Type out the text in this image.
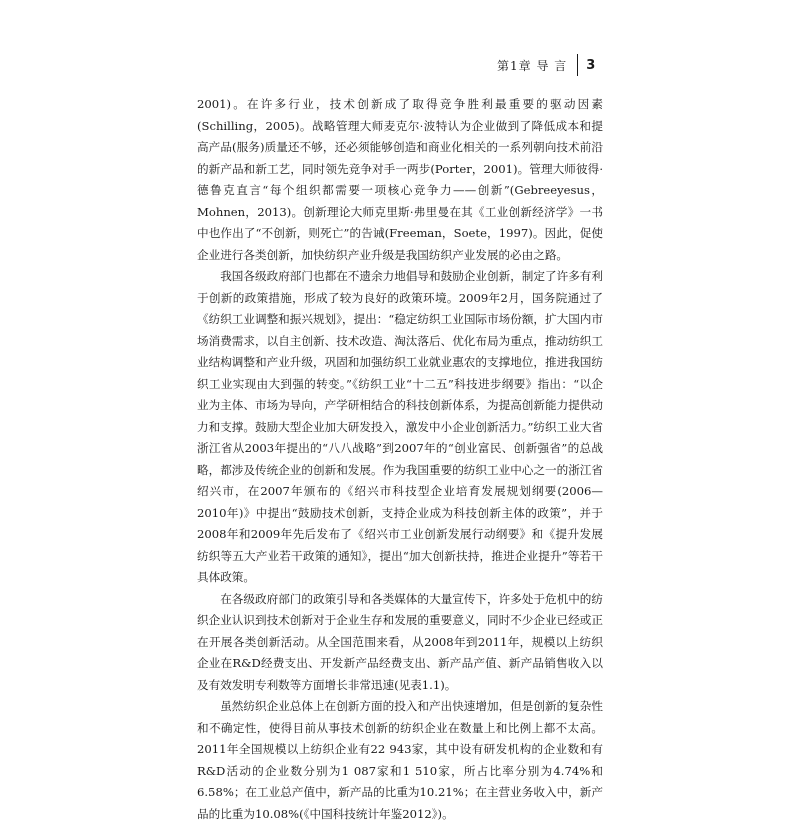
第1章 导 言 3

2001)。在许多行业，技术创新成了取得竞争胜利最重要的驱动因素(Schilling，2005)。战略管理大师麦克尔·波特认为企业做到了降低成本和提高产品(服务)质量还不够，还必须能够创造和商业化相关的一系列朝向技术前沿的新产品和新工艺，同时领先竞争对手一两步(Porter，2001)。管理大师彼得·德鲁克直言“每个组织都需要一项核心竞争力——创新”(Gebreeyesus，Mohnen，2013)。创新理论大师克里斯·弗里曼在其《工业创新经济学》一书中也作出了“不创新，则死亡”的告诫(Freeman，Soete，1997)。因此，促使企业进行各类创新，加快纺织产业升级是我国纺织产业发展的必由之路。

我国各级政府部门也都在不遗余力地倡导和鼓励企业创新，制定了许多有利于创新的政策措施，形成了较为良好的政策环境。2009年2月，国务院通过了《纺织工业调整和振兴规划》，提出：“稳定纺织工业国际市场份额，扩大国内市场消费需求，以自主创新、技术改造、淘汰落后、优化布局为重点，推动纺织工业结构调整和产业升级，巩固和加强纺织工业就业惠农的支撑地位，推进我国纺织工业实现由大到强的转变。”《纺织工业“十二五”科技进步纲要》指出：“以企业为主体、市场为导向，产学研相结合的科技创新体系，为提高创新能力提供动力和支撑。鼓励大型企业加大研发投入，激发中小企业创新活力。”纺织工业大省浙江省从2003年提出的“八八战略”到2007年的“创业富民、创新强省”的总战略，都涉及传统企业的创新和发展。作为我国重要的纺织工业中心之一的浙江省绍兴市，在2007年颁布的《绍兴市科技型企业培育发展规划纲要(2006—2010年)》中提出“鼓励技术创新，支持企业成为科技创新主体的政策”，并于2008年和2009年先后发布了《绍兴市工业创新发展行动纲要》和《提升发展纺织等五大产业若干政策的通知》，提出“加大创新扶持，推进企业提升”等若干具体政策。

在各级政府部门的政策引导和各类媒体的大量宣传下，许多处于危机中的纺织企业认识到技术创新对于企业生存和发展的重要意义，同时不少企业已经或正在开展各类创新活动。从全国范围来看，从2008年到2011年，规模以上纺织企业在R&D经费支出、开发新产品经费支出、新产品产值、新产品销售收入以及有效发明专利数等方面增长非常迅速(见表1.1)。

虽然纺织企业总体上在创新方面的投入和产出快速增加，但是创新的复杂性和不确定性，使得目前从事技术创新的纺织企业在数量上和比例上都不太高。2011年全国规模以上纺织企业有22 943家，其中设有研发机构的企业数和有R&D活动的企业数分别为1 087家和1 510家，所占比率分别为4.74%和6.58%；在工业总产值中，新产品的比重为10.21%；在主营业务收入中，新产品的比重为10.08%(《中国科技统计年鉴2012》)。
